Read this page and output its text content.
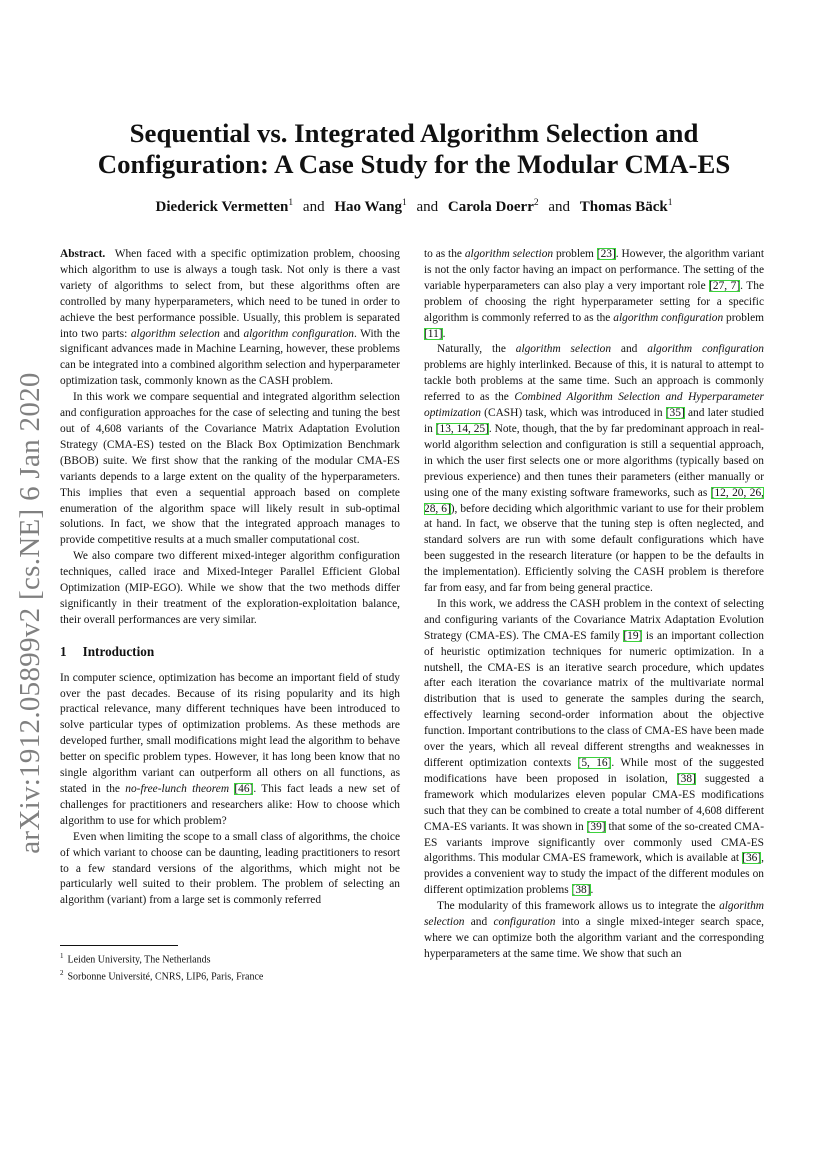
arXiv:1912.05899v2 [cs.NE] 6 Jan 2020
Sequential vs. Integrated Algorithm Selection and
Configuration: A Case Study for the Modular CMA-ES
Diederick Vermetten$^1$ and Hao Wang$^1$ and Carola Doerr$^2$ and Thomas Bäck$^1$

Abstract. When faced with a specific optimization problem, choosing which algorithm to use is always a tough task. Not only is there a vast variety of algorithms to select from, but these algorithms often are controlled by many hyperparameters, which need to be tuned in order to achieve the best performance possible. Usually, this problem is separated into two parts: algorithm selection and algorithm configuration. With the significant advances made in Machine Learning, however, these problems can be integrated into a combined algorithm selection and hyperparameter optimization task, commonly known as the CASH problem.

In this work we compare sequential and integrated algorithm selection and configuration approaches for the case of selecting and tuning the best out of 4,608 variants of the Covariance Matrix Adaptation Evolution Strategy (CMA-ES) tested on the Black Box Optimization Benchmark (BBOB) suite. We first show that the ranking of the modular CMA-ES variants depends to a large extent on the quality of the hyperparameters. This implies that even a sequential approach based on complete enumeration of the algorithm space will likely result in sub-optimal solutions. In fact, we show that the integrated approach manages to provide competitive results at a much smaller computational cost.

We also compare two different mixed-integer algorithm configuration techniques, called irace and Mixed-Integer Parallel Efficient Global Optimization (MIP-EGO). While we show that the two methods differ significantly in their treatment of the exploration-exploitation balance, their overall performances are very similar.

1 Introduction

In computer science, optimization has become an important field of study over the past decades. Because of its rising popularity and its high practical relevance, many different techniques have been introduced to solve particular types of optimization problems. As these methods are developed further, small modifications might lead the algorithm to behave better on specific problem types. However, it has long been know that no single algorithm variant can outperform all others on all functions, as stated in the no-free-lunch theorem [46]. This fact leads a new set of challenges for practitioners and researchers alike: How to choose which algorithm to use for which problem?

Even when limiting the scope to a small class of algorithms, the choice of which variant to choose can be daunting, leading practitioners to resort to a few standard versions of the algorithms, which might not be particularly well suited to their problem. The problem of selecting an algorithm (variant) from a large set is commonly referred

$^1$ Leiden University, The Netherlands
$^2$ Sorbonne Université, CNRS, LIP6, Paris, France

to as the algorithm selection problem [23]. However, the algorithm variant is not the only factor having an impact on performance. The setting of the variable hyperparameters can also play a very important role [27, 7]. The problem of choosing the right hyperparameter setting for a specific algorithm is commonly referred to as the algorithm configuration problem [11].

Naturally, the algorithm selection and algorithm configuration problems are highly interlinked. Because of this, it is natural to attempt to tackle both problems at the same time. Such an approach is commonly referred to as the Combined Algorithm Selection and Hyperparameter optimization (CASH) task, which was introduced in [35] and later studied in [13, 14, 25]. Note, though, that the by far predominant approach in real-world algorithm selection and configuration is still a sequential approach, in which the user first selects one or more algorithms (typically based on previous experience) and then tunes their parameters (either manually or using one of the many existing software frameworks, such as [12, 20, 26, 28, 6]), before deciding which algorithmic variant to use for their problem at hand. In fact, we observe that the tuning step is often neglected, and standard solvers are run with some default configurations which have been suggested in the research literature (or happen to be the defaults in the implementation). Efficiently solving the CASH problem is therefore far from easy, and far from being general practice.

In this work, we address the CASH problem in the context of selecting and configuring variants of the Covariance Matrix Adaptation Evolution Strategy (CMA-ES). The CMA-ES family [19] is an important collection of heuristic optimization techniques for numeric optimization. In a nutshell, the CMA-ES is an iterative search procedure, which updates after each iteration the covariance matrix of the multivariate normal distribution that is used to generate the samples during the search, effectively learning second-order information about the objective function. Important contributions to the class of CMA-ES have been made over the years, which all reveal different strengths and weaknesses in different optimization contexts [5, 16]. While most of the suggested modifications have been proposed in isolation, [38] suggested a framework which modularizes eleven popular CMA-ES modifications such that they can be combined to create a total number of 4,608 different CMA-ES variants. It was shown in [39] that some of the so-created CMA-ES variants improve significantly over commonly used CMA-ES algorithms. This modular CMA-ES framework, which is available at [36], provides a convenient way to study the impact of the different modules on different optimization problems [38].

The modularity of this framework allows us to integrate the algorithm selection and configuration into a single mixed-integer search space, where we can optimize both the algorithm variant and the corresponding hyperparameters at the same time. We show that such an
